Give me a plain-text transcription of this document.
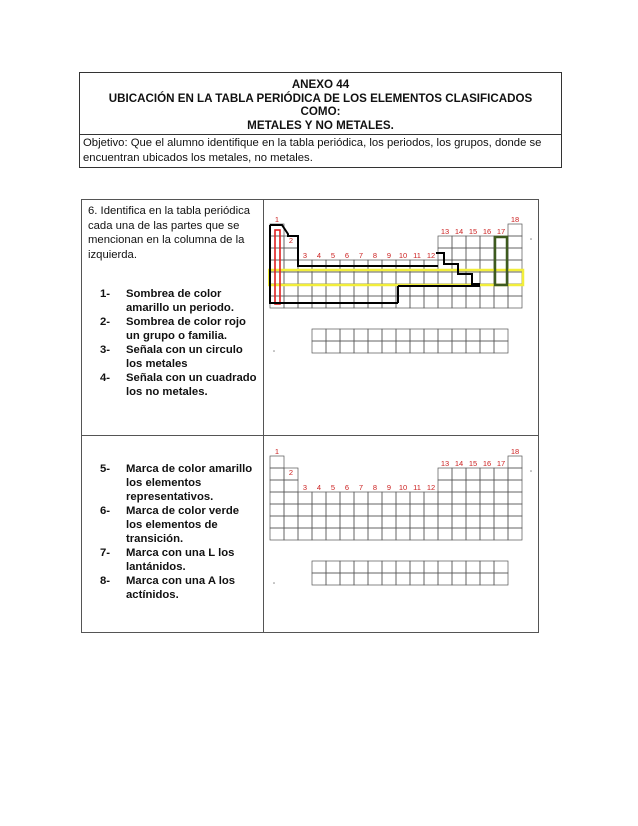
ANEXO 44
UBICACIÓN EN LA TABLA PERIÓDICA DE LOS ELEMENTOS CLASIFICADOS
COMO:
METALES Y NO METALES.
Objetivo: Que el alumno identifique en la tabla periódica, los periodos, los grupos, donde se encuentran ubicados los metales, no metales.
6. Identifica en la tabla periódica cada una de las partes que se mencionan en la columna de la izquierda.
1- Sombrea de color amarillo un periodo.
2- Sombrea de color rojo un grupo o familia.
3- Señala con un circulo los metales
4- Señala con un cuadrado los no metales.
5- Marca de color amarillo los elementos representativos.
6- Marca de color verde los elementos de transición.
7- Marca con una L los lantánidos.
8- Marca con una A los actínidos.
1
2
3 4 5 6 7 8 9 10 11 12
13 14 15 16 17
18
1
2
3 4 5 6 7 8 9 10 11 12
13 14 15 16 17
18
